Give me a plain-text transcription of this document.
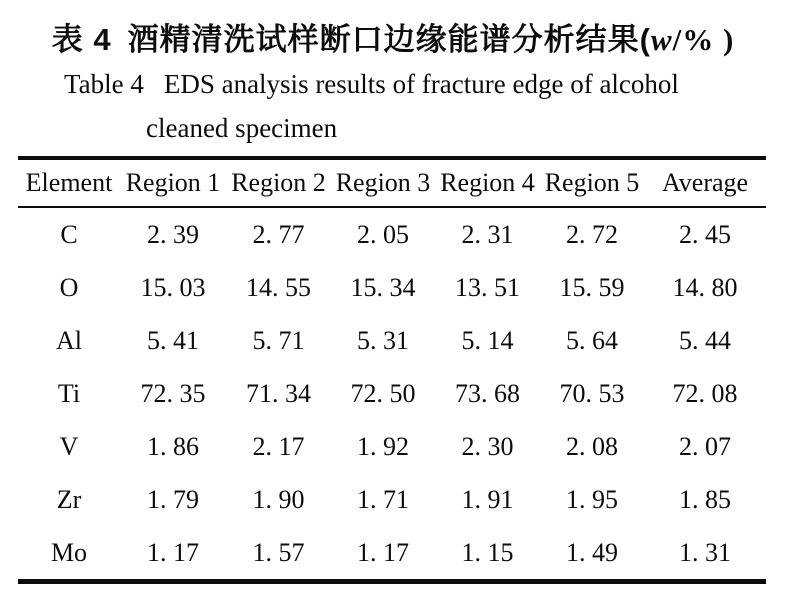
表 4 酒精清洗试样断口边缘能谱分析结果(w/% )
Table 4 EDS analysis results of fracture edge of alcohol
cleaned specimen
Element	Region 1	Region 2	Region 3	Region 4	Region 5	Average
C	2. 39	2. 77	2. 05	2. 31	2. 72	2. 45
O	15. 03	14. 55	15. 34	13. 51	15. 59	14. 80
Al	5. 41	5. 71	5. 31	5. 14	5. 64	5. 44
Ti	72. 35	71. 34	72. 50	73. 68	70. 53	72. 08
V	1. 86	2. 17	1. 92	2. 30	2. 08	2. 07
Zr	1. 79	1. 90	1. 71	1. 91	1. 95	1. 85
Mo	1. 17	1. 57	1. 17	1. 15	1. 49	1. 31
